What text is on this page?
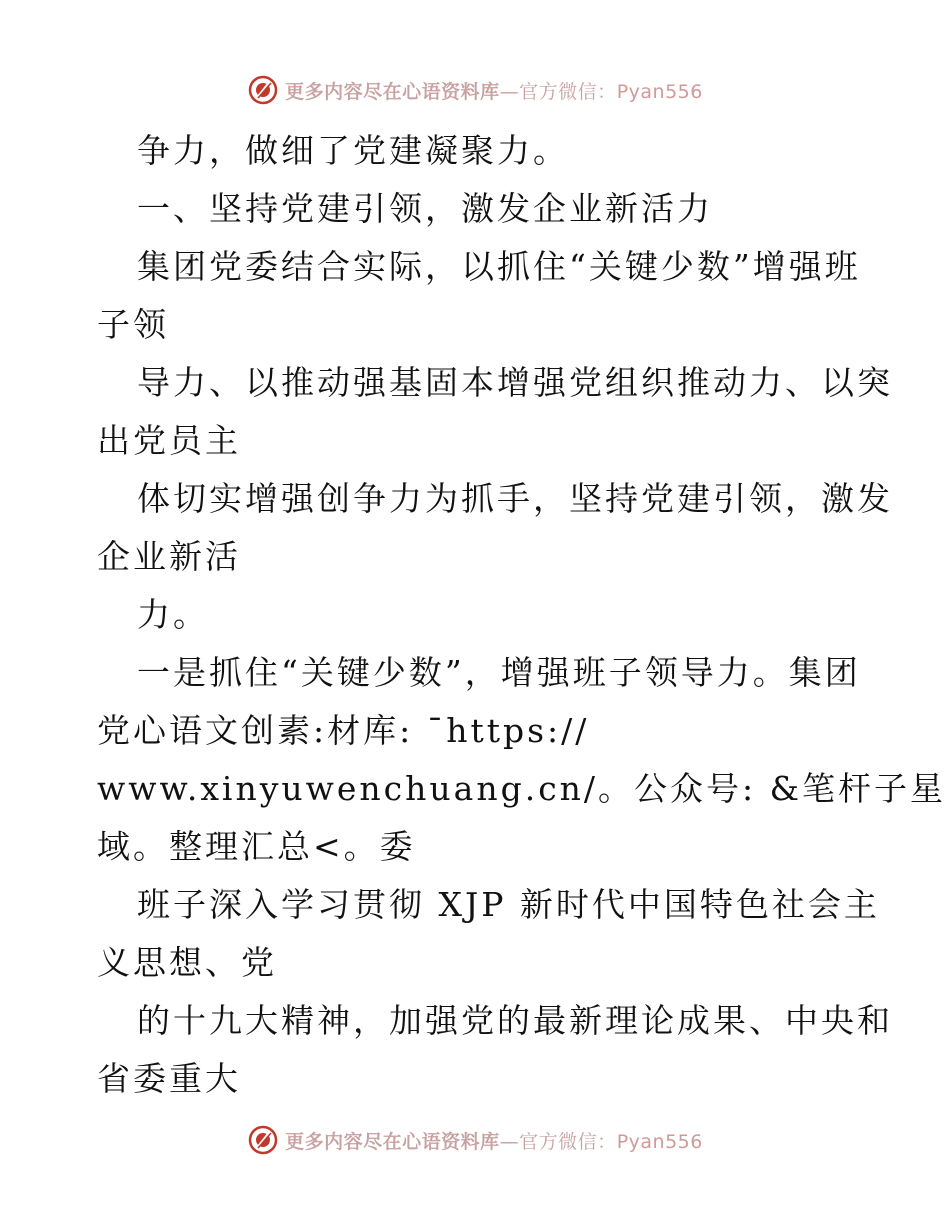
更多内容尽在心语资料库—官方微信：Pyan556
争力，做细了党建凝聚力。
一、坚持党建引领，激发企业新活力
集团党委结合实际，以抓住“关键少数”增强班
子领
导力、以推动强基固本增强党组织推动力、以突
出党员主
体切实增强创争力为抓手，坚持党建引领，激发
企业新活
力。
一是抓住“关键少数”，增强班子领导力。集团
党心语文创素:材库: ¯https://
www.xinyuwenchuang.cn/。公众号: &笔杆子星
域。整理汇总<。委
班子深入学习贯彻 XJP 新时代中国特色社会主
义思想、党
的十九大精神，加强党的最新理论成果、中央和
省委重大
更多内容尽在心语资料库—官方微信：Pyan556
